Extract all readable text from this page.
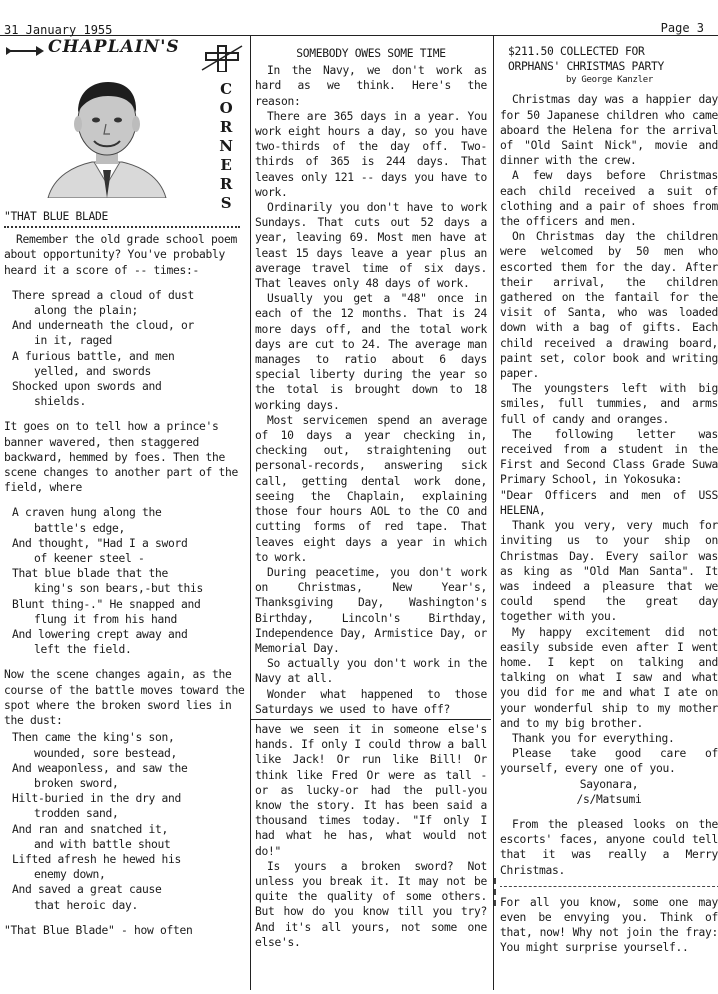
31 January 1955	Page 3
CHAPLAIN'S
C
O
R
N
E
R
S
"THAT BLUE BLADE

Remember the old grade school poem about opportunity? You've probably heard it a score of -- times:-

There spread a cloud of dust
along the plain;
And underneath the cloud, or
in it, raged
A furious battle, and men
yelled, and swords
Shocked upon swords and
shields.

It goes on to tell how a prince's banner wavered, then staggered backward, hemmed by foes. Then the scene changes to another part of the field, where

A craven hung along the
battle's edge,
And thought, "Had I a sword
of keener steel -
That blue blade that the
king's son bears,-but this
Blunt thing-." He snapped and
flung it from his hand
And lowering crept away and
left the field.

Now the scene changes again, as the course of the battle moves toward the spot where the broken sword lies in the dust:

Then came the king's son,
wounded, sore bestead,
And weaponless, and saw the
broken sword,
Hilt-buried in the dry and
trodden sand,
And ran and snatched it,
and with battle shout
Lifted afresh he hewed his
enemy down,
And saved a great cause
that heroic day.

"That Blue Blade" - how often

SOMEBODY OWES SOME TIME

In the Navy, we don't work as hard as we think. Here's the reason:

There are 365 days in a year. You work eight hours a day, so you have two-thirds of the day off. Two-thirds of 365 is 244 days. That leaves only 121 -- days you have to work.

Ordinarily you don't have to work Sundays. That cuts out 52 days a year, leaving 69. Most men have at least 15 days leave a year plus an average travel time of six days. That leaves only 48 days of work.

Usually you get a "48" once in each of the 12 months. That is 24 more days off, and the total work days are cut to 24. The average man manages to ratio about 6 days special liberty during the year so the total is brought down to 18 working days.

Most servicemen spend an average of 10 days a year checking in, checking out, straightening out personal-records, answering sick call, getting dental work done, seeing the Chaplain, explaining those four hours AOL to the CO and cutting forms of red tape. That leaves eight days a year in which to work.

During peacetime, you don't work on Christmas, New Year's, Thanksgiving Day, Washington's Birthday, Lincoln's Birthday, Independence Day, Armistice Day, or Memorial Day.

So actually you don't work in the Navy at all.

Wonder what happened to those Saturdays we used to have off?

have we seen it in someone else's hands. If only I could throw a ball like Jack! Or run like Bill! Or think like Fred Or were as tall - or as lucky-or had the pull-you know the story. It has been said a thousand times today. "If only I had what he has, what would not do!"

Is yours a broken sword? Not unless you break it. It may not be quite the quality of some others. But how do you know till you try? And it's all yours, not some one else's.

$211.50 COLLECTED FOR
ORPHANS' CHRISTMAS PARTY
by George Kanzler

Christmas day was a happier day for 50 Japanese children who came aboard the Helena for the arrival of "Old Saint Nick", movie and dinner with the crew.

A few days before Christmas each child received a suit of clothing and a pair of shoes from the officers and men.

On Christmas day the children were welcomed by 50 men who escorted them for the day. After their arrival, the children gathered on the fantail for the visit of Santa, who was loaded down with a bag of gifts. Each child received a drawing board, paint set, color book and writing paper.

The youngsters left with big smiles, full tummies, and arms full of candy and oranges.

The following letter was received from a student in the First and Second Class Grade Suwa Primary School, in Yokosuka:

"Dear Officers and men of USS HELENA,

Thank you very, very much for inviting us to your ship on Christmas Day. Every sailor was as king as "Old Man Santa". It was indeed a pleasure that we could spend the great day together with you.

My happy excitement did not easily subside even after I went home. I kept on talking and talking on what I saw and what you did for me and what I ate on your wonderful ship to my mother and to my big brother.

Thank you for everything.

Please take good care of yourself, every one of you.

Sayonara,
/s/Matsumi

From the pleased looks on the escorts' faces, anyone could tell that it was really a Merry Christmas.

For all you know, some one may even be envying you. Think of that, now! Why not join the fray: You might surprise yourself..
